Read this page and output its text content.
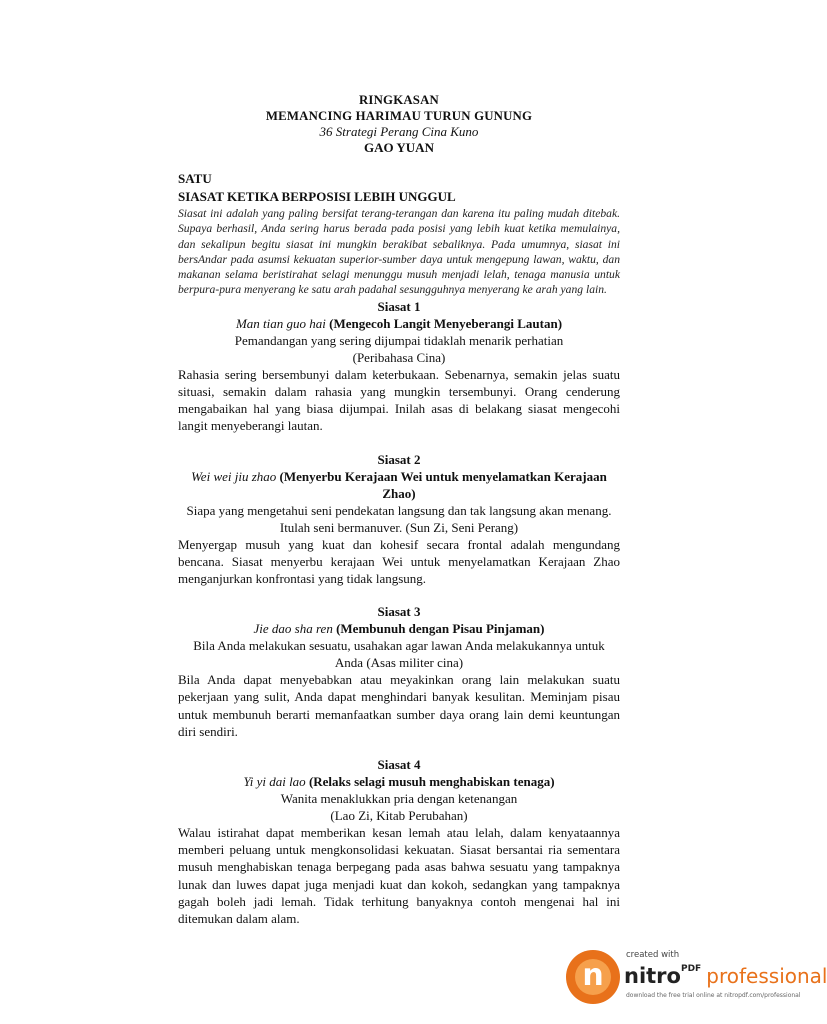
RINGKASAN
MEMANCING HARIMAU TURUN GUNUNG
36 Strategi Perang Cina Kuno
GAO YUAN
SATU
SIASAT KETIKA BERPOSISI LEBIH UNGGUL
Siasat ini adalah yang paling bersifat terang-terangan dan karena itu paling mudah ditebak. Supaya berhasil, Anda sering harus berada pada posisi yang lebih kuat ketika memulainya, dan sekalipun begitu siasat ini mungkin berakibat sebaliknya. Pada umumnya, siasat ini bersAndar pada asumsi kekuatan superior-sumber daya untuk mengepung lawan, waktu, dan makanan selama beristirahat selagi menunggu musuh menjadi lelah, tenaga manusia untuk berpura-pura menyerang ke satu arah padahal sesungguhnya menyerang ke arah yang lain.
Siasat 1
Man tian guo hai (Mengecoh Langit Menyeberangi Lautan)
Pemandangan yang sering dijumpai tidaklah menarik perhatian
(Peribahasa Cina)
Rahasia sering bersembunyi dalam keterbukaan. Sebenarnya, semakin jelas suatu situasi, semakin dalam rahasia yang mungkin tersembunyi. Orang cenderung mengabaikan hal yang biasa dijumpai. Inilah asas di belakang siasat mengecohi langit menyeberangi lautan.
Siasat 2
Wei wei jiu zhao (Menyerbu Kerajaan Wei untuk menyelamatkan Kerajaan Zhao)
Siapa yang mengetahui seni pendekatan langsung dan tak langsung akan menang. Itulah seni bermanuver. (Sun Zi, Seni Perang)
Menyergap musuh yang kuat dan kohesif secara frontal adalah mengundang bencana. Siasat menyerbu kerajaan Wei untuk menyelamatkan Kerajaan Zhao menganjurkan konfrontasi yang tidak langsung.
Siasat 3
Jie dao sha ren (Membunuh dengan Pisau Pinjaman)
Bila Anda melakukan sesuatu, usahakan agar lawan Anda melakukannya untuk Anda (Asas militer cina)
Bila Anda dapat menyebabkan atau meyakinkan orang lain melakukan suatu pekerjaan yang sulit, Anda dapat menghindari banyak kesulitan. Meminjam pisau untuk membunuh berarti memanfaatkan sumber daya orang lain demi keuntungan diri sendiri.
Siasat 4
Yi yi dai lao (Relaks selagi musuh menghabiskan tenaga)
Wanita menaklukkan pria dengan ketenangan
(Lao Zi, Kitab Perubahan)
Walau istirahat dapat memberikan kesan lemah atau lelah, dalam kenyataannya memberi peluang untuk mengkonsolidasi kekuatan. Siasat bersantai ria sementara musuh menghabiskan tenaga berpegang pada asas bahwa sesuatu yang tampaknya lunak dan luwes dapat juga menjadi kuat dan kokoh, sedangkan yang tampaknya gagah boleh jadi lemah. Tidak terhitung banyaknya contoh mengenai hal ini ditemukan dalam alam.
n
created with
nitro$^{PDF}$ professional
download the free trial online at nitropdf.com/professional
